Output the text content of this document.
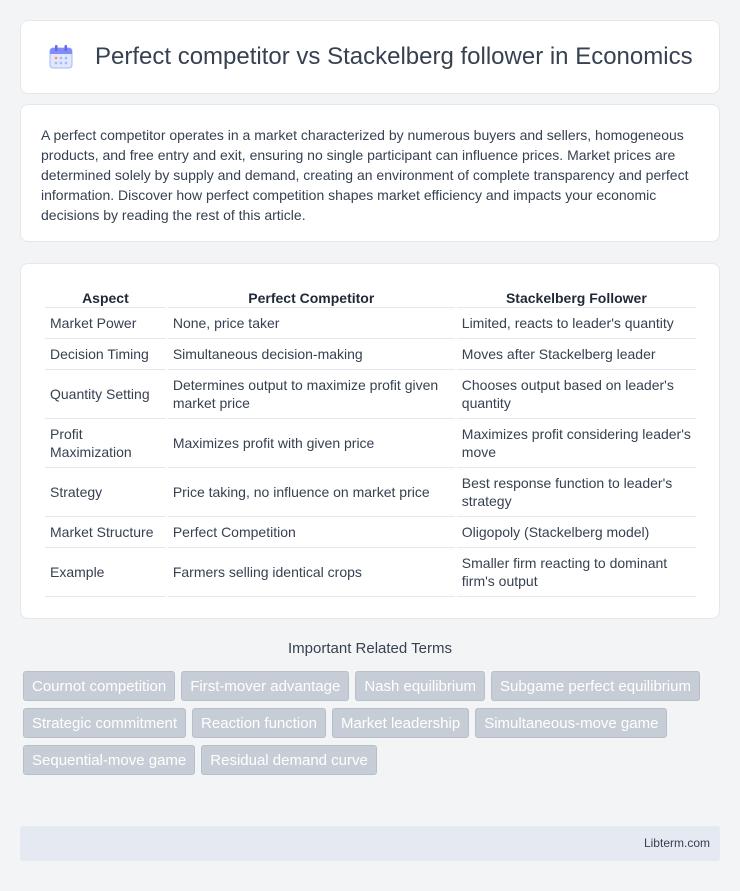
Perfect competitor vs Stackelberg follower in Economics

A perfect competitor operates in a market characterized by numerous buyers and sellers, homogeneous products, and free entry and exit, ensuring no single participant can influence prices. Market prices are determined solely by supply and demand, creating an environment of complete transparency and perfect information. Discover how perfect competition shapes market efficiency and impacts your economic decisions by reading the rest of this article.

Aspect	Perfect Competitor	Stackelberg Follower
Market Power	None, price taker	Limited, reacts to leader's quantity
Decision Timing	Simultaneous decision-making	Moves after Stackelberg leader
Quantity Setting	Determines output to maximize profit given market price	Chooses output based on leader's quantity
Profit Maximization	Maximizes profit with given price	Maximizes profit considering leader's move
Strategy	Price taking, no influence on market price	Best response function to leader's strategy
Market Structure	Perfect Competition	Oligopoly (Stackelberg model)
Example	Farmers selling identical crops	Smaller firm reacting to dominant firm's output
Important Related Terms
Cournot competition	First-mover advantage	Nash equilibrium	Subgame perfect equilibrium
Strategic commitment	Reaction function	Market leadership	Simultaneous-move game
Sequential-move game	Residual demand curve
Libterm.com
